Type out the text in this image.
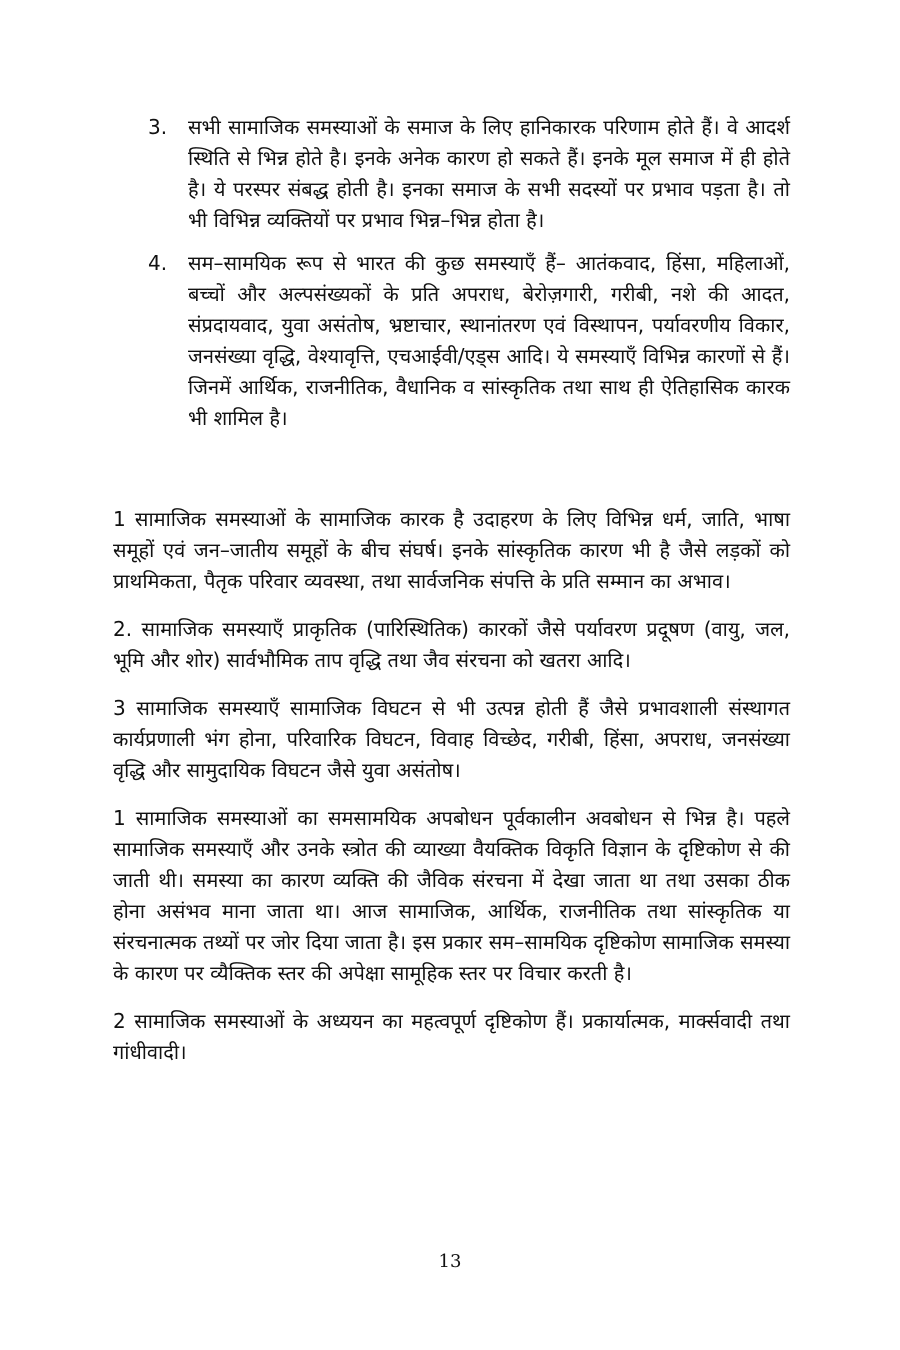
3.	सभी सामाजिक समस्याओं के समाज के लिए हानिकारक परिणाम होते हैं। वे आदर्श स्थिति से भिन्न होते है। इनके अनेक कारण हो सकते हैं। इनके मूल समाज में ही होते है। ये परस्पर संबद्ध होती है। इनका समाज के सभी सदस्यों पर प्रभाव पड़ता है। तो भी विभिन्न व्यक्तियों पर प्रभाव भिन्न–भिन्न होता है।
4.	सम–सामयिक रूप से भारत की कुछ समस्याएँ हैं– आतंकवाद, हिंसा, महिलाओं, बच्चों और अल्पसंख्यकों के प्रति अपराध, बेरोज़गारी, गरीबी, नशे की आदत, संप्रदायवाद, युवा असंतोष, भ्रष्टाचार, स्थानांतरण एवं विस्थापन, पर्यावरणीय विकार, जनसंख्या वृद्धि, वेश्यावृत्ति, एचआईवी/एड्स आदि। ये समस्याएँ विभिन्न कारणों से हैं। जिनमें आर्थिक, राजनीतिक, वैधानिक व सांस्कृतिक तथा साथ ही ऐतिहासिक कारक भी शामिल है।

1 सामाजिक समस्याओं के सामाजिक कारक है उदाहरण के लिए विभिन्न धर्म, जाति, भाषा समूहों एवं जन–जातीय समूहों के बीच संघर्ष। इनके सांस्कृतिक कारण भी है जैसे लड़कों को प्राथमिकता, पैतृक परिवार व्यवस्था, तथा सार्वजनिक संपत्ति के प्रति सम्मान का अभाव।

2. सामाजिक समस्याएँ प्राकृतिक (पारिस्थितिक) कारकों जैसे पर्यावरण प्रदूषण (वायु, जल, भूमि और शोर) सार्वभौमिक ताप वृद्धि तथा जैव संरचना को खतरा आदि।

3 सामाजिक समस्याएँ सामाजिक विघटन से भी उत्पन्न होती हैं जैसे प्रभावशाली संस्थागत कार्यप्रणाली भंग होना, परिवारिक विघटन, विवाह विच्छेद, गरीबी, हिंसा, अपराध, जनसंख्या वृद्धि और सामुदायिक विघटन जैसे युवा असंतोष।

1 सामाजिक समस्याओं का समसामयिक अपबोधन पूर्वकालीन अवबोधन से भिन्न है। पहले सामाजिक समस्याएँ और उनके स्त्रोत की व्याख्या वैयक्तिक विकृति विज्ञान के दृष्टिकोण से की जाती थी। समस्या का कारण व्यक्ति की जैविक संरचना में देखा जाता था तथा उसका ठीक होना असंभव माना जाता था। आज सामाजिक, आर्थिक, राजनीतिक तथा सांस्कृतिक या संरचनात्मक तथ्यों पर जोर दिया जाता है। इस प्रकार सम–सामयिक दृष्टिकोण सामाजिक समस्या के कारण पर व्यैक्तिक स्तर की अपेक्षा सामूहिक स्तर पर विचार करती है।

2 सामाजिक समस्याओं के अध्ययन का महत्वपूर्ण दृष्टिकोण हैं। प्रकार्यात्मक, मार्क्सवादी तथा गांधीवादी।

13
